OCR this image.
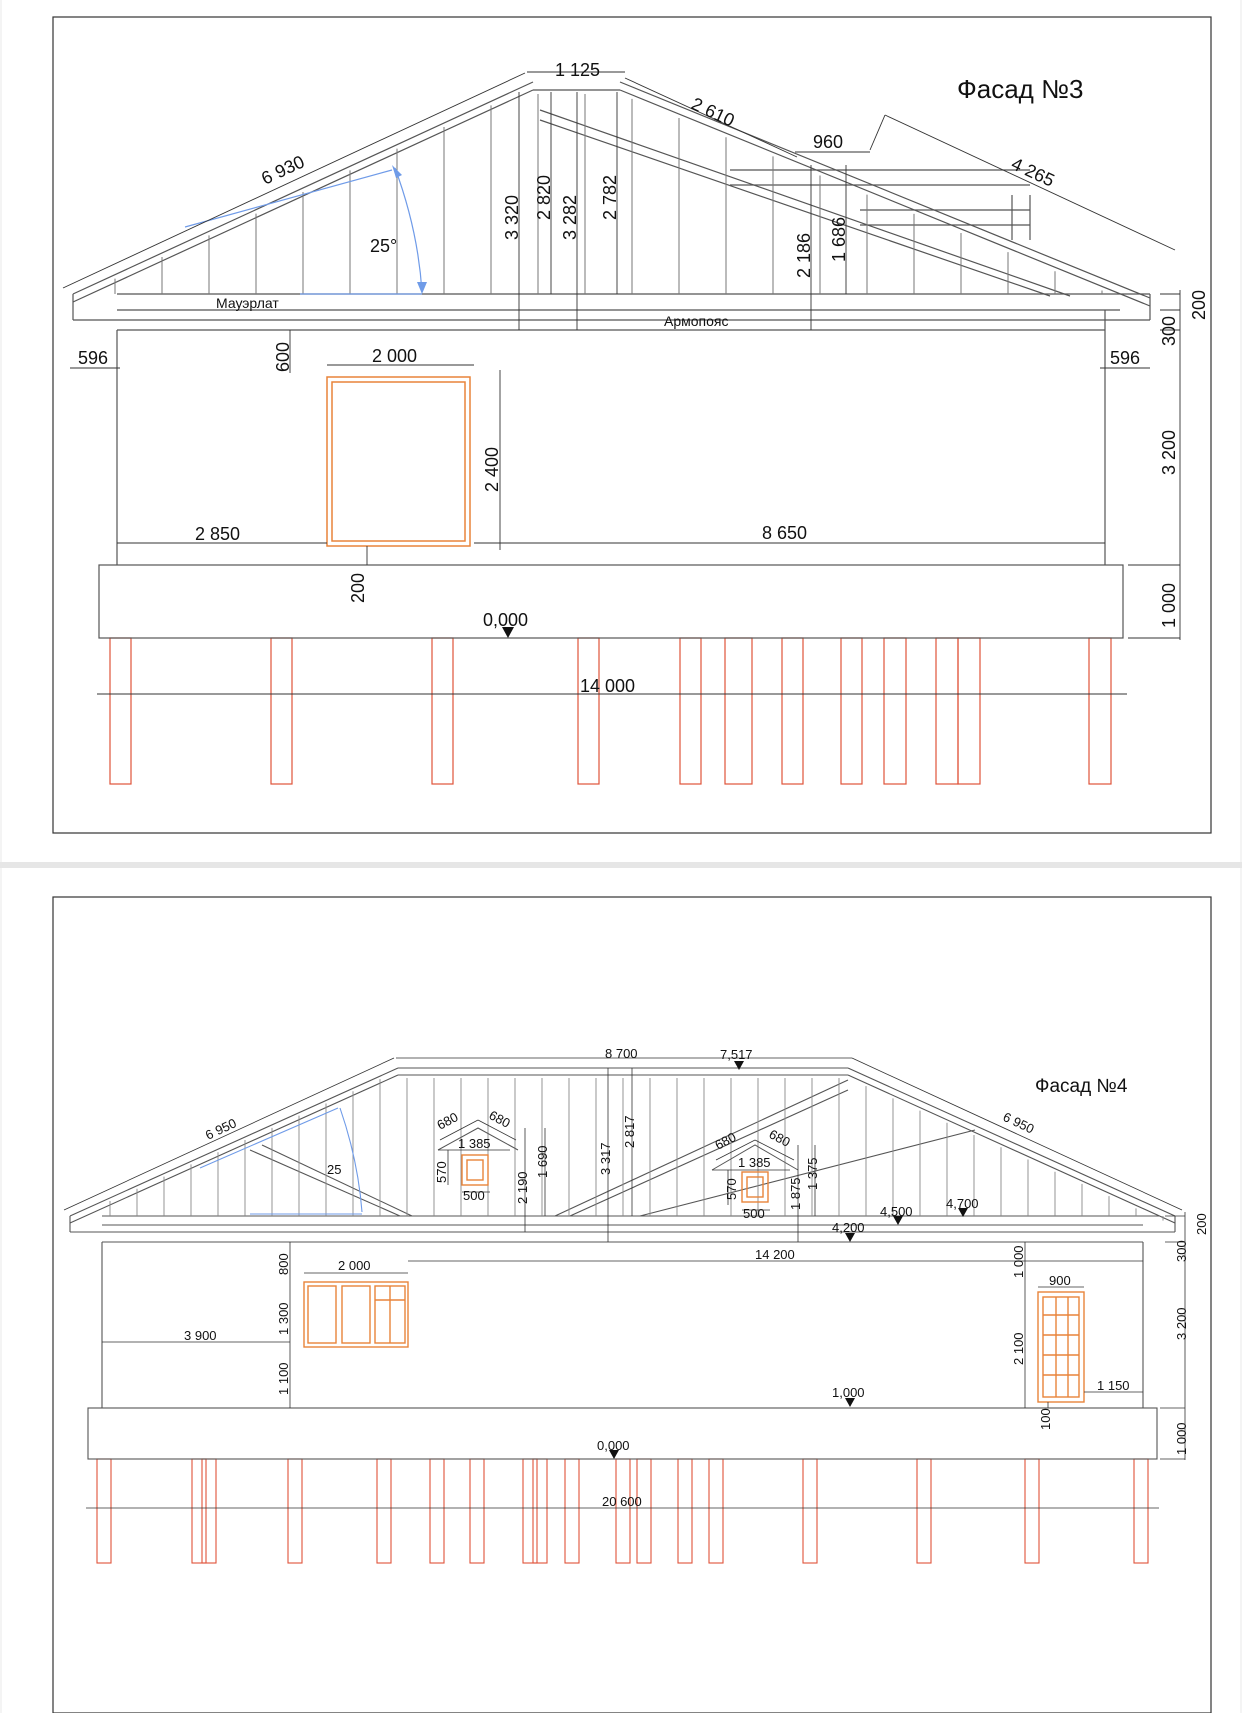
Фасад №3
Мауэрлат
Армопояс
0,000
25°
6 930
1 125
2 610
960
4 265
3 320 2 820 3 282 2 782
2 186 1 686
596	596
600	2 000
2 400
2 850	8 650
200
14 000
200
300
3 200
1 000
Фасад №4
25
0,000
1,000
4,200
4,500
4,700
6 950	6 950
8 700	7,517
680 680
1 385
570
500 2 190
1 690	3 317
2 817	680 680
1 385
570
500
1 875
1 375
800	2 000
1 300
1 100
3 900
14 200	1 000
900
2 100
1 150
100
20 600
200
300
3 200
1 000
